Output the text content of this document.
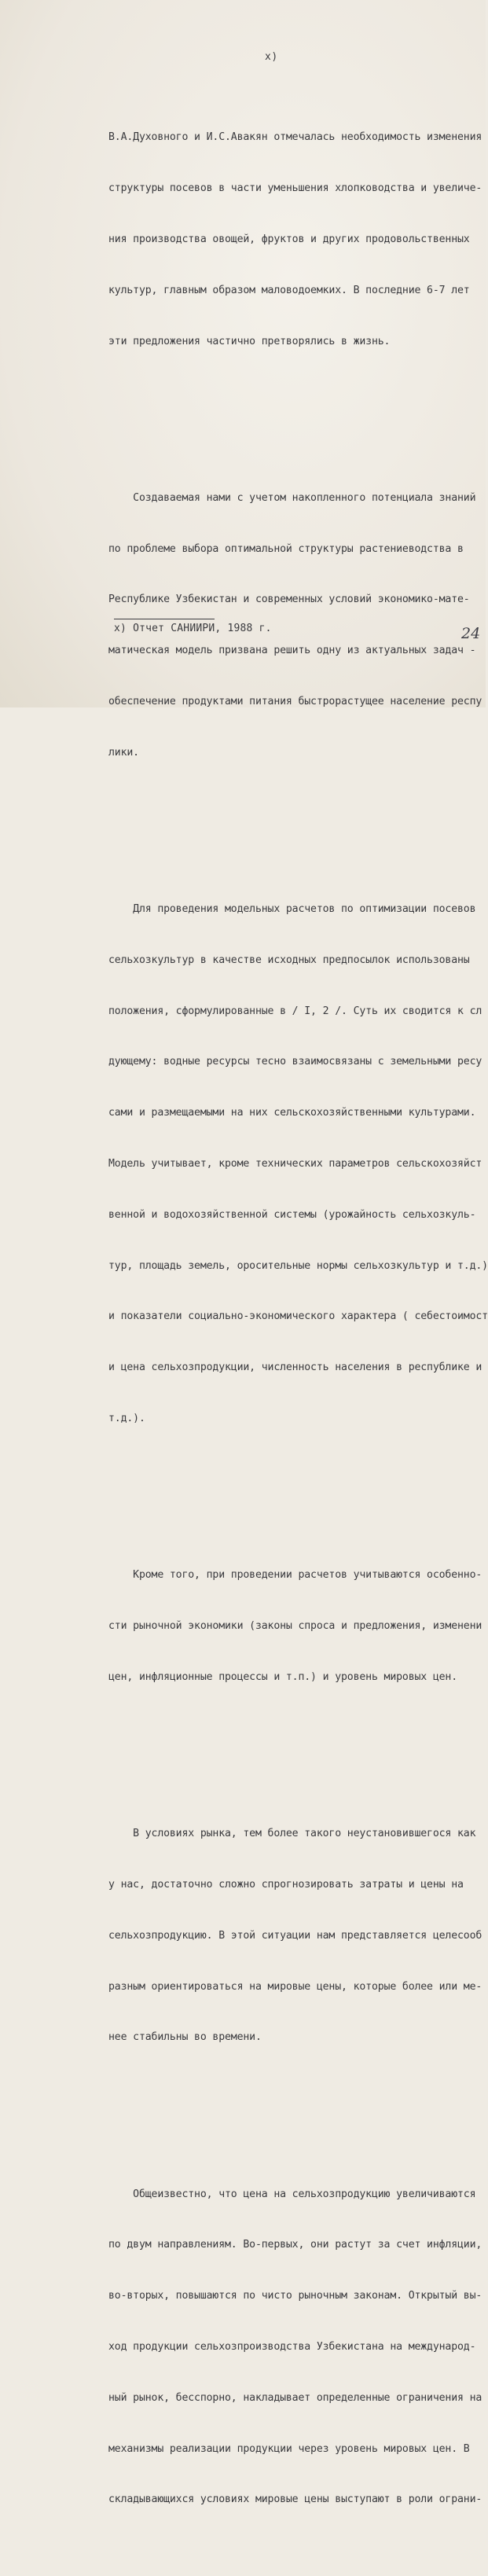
x)

В.А.Духовного и И.С.Авакян отмечалась необходимость изменения

структуры посевов в части уменьшения хлопководства и увеличе-

ния производства овощей, фруктов и других продовольственных

культур, главным образом маловодоемких. В последние 6-7 лет

эти предложения частично претворялись в жизнь.

Создаваемая нами с учетом накопленного потенциала знаний

по проблеме выбора оптимальной структуры растениеводства в

Республике Узбекистан и современных условий экономико-мате-

матическая модель призвана решить одну из актуальных задач -

обеспечение продуктами питания быстрорастущее население респу

лики.

Для проведения модельных расчетов по оптимизации посевов

сельхозкультур в качестве исходных предпосылок использованы

положения, сформулированные в / I, 2 /. Суть их сводится к сл

дующему: водные ресурсы тесно взаимосвязаны с земельными ресу

сами и размещаемыми на них сельскохозяйственными культурами.

Модель учитывает, кроме технических параметров сельскохозяйст

венной и водохозяйственной системы (урожайность сельхозкуль-

тур, площадь земель, оросительные нормы сельхозкультур и т.д.)

и показатели социально-экономического характера ( себестоимост

и цена сельхозпродукции, численность населения в республике и

т.д.).

Кроме того, при проведении расчетов учитываются особенно-

сти рыночной экономики (законы спроса и предложения, изменени

цен, инфляционные процессы и т.п.) и уровень мировых цен.

В условиях рынка, тем более такого неустановившегося как

у нас, достаточно сложно спрогнозировать затраты и цены на

сельхозпродукцию. В этой ситуации нам представляется целесооб

разным ориентироваться на мировые цены, которые более или ме-

нее стабильны во времени.

Общеизвестно, что цена на сельхозпродукцию увеличиваются

по двум направлениям. Во-первых, они растут за счет инфляции,

во-вторых, повышаются по чисто рыночным законам. Открытый вы-

ход продукции сельхозпроизводства Узбекистана на международ-

ный рынок, бесспорно, накладывает определенные ограничения на

механизмы реализации продукции через уровень мировых цен. В

складывающихся условиях мировые цены выступают в роли ограни-

x) Отчет САНИИРИ, 1988 г.	24
